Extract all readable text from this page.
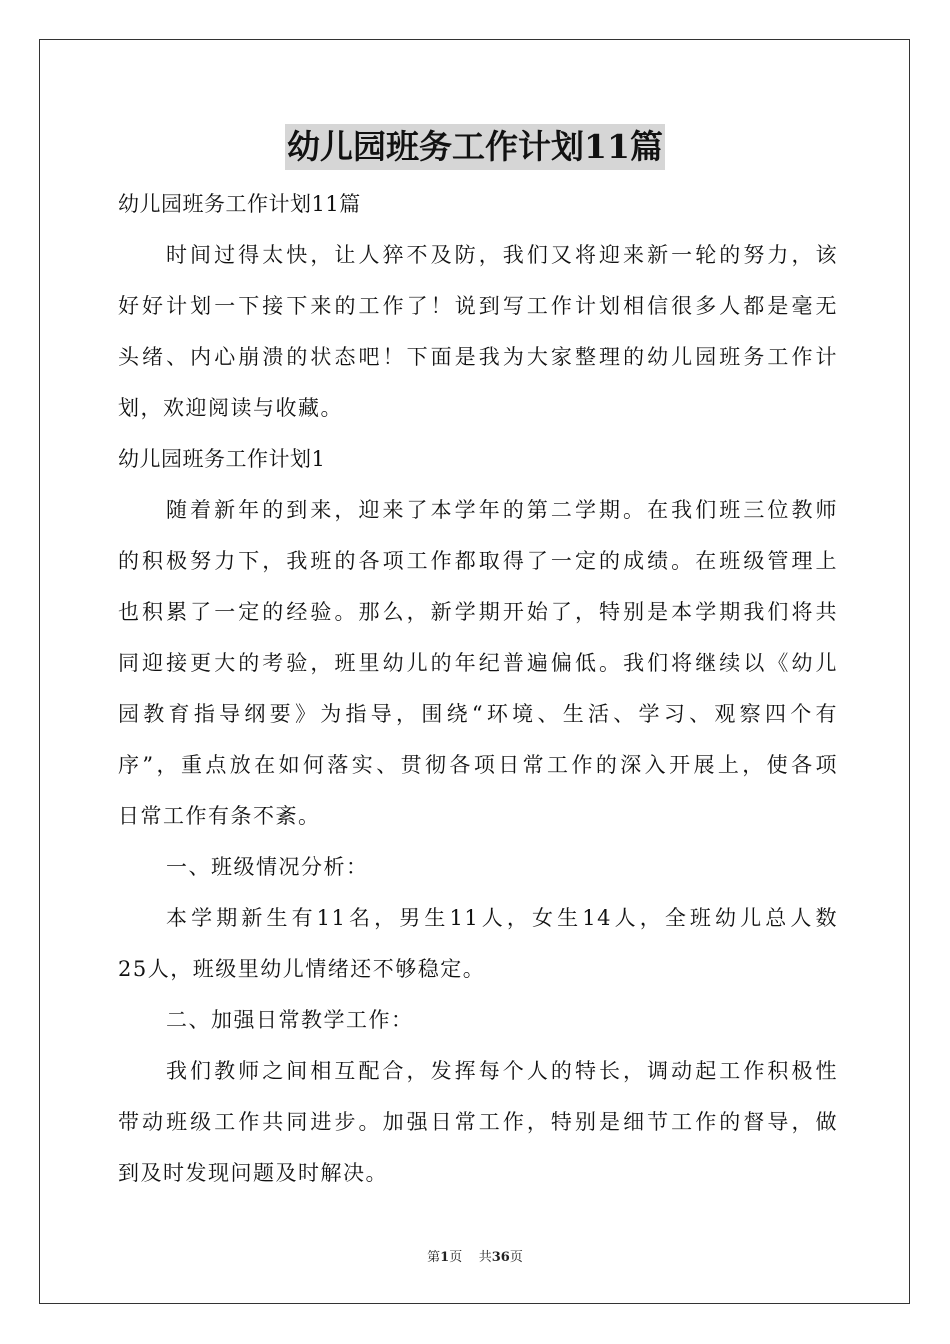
幼儿园班务工作计划11篇
幼儿园班务工作计划11篇
时间过得太快，让人猝不及防，我们又将迎来新一轮的努力，该
好好计划一下接下来的工作了！说到写工作计划相信很多人都是毫无
头绪、内心崩溃的状态吧！下面是我为大家整理的幼儿园班务工作计
划，欢迎阅读与收藏。
幼儿园班务工作计划1
随着新年的到来，迎来了本学年的第二学期。在我们班三位教师
的积极努力下，我班的各项工作都取得了一定的成绩。在班级管理上
也积累了一定的经验。那么，新学期开始了，特别是本学期我们将共
同迎接更大的考验，班里幼儿的年纪普遍偏低。我们将继续以《幼儿
园教育指导纲要》为指导，围绕“环境、生活、学习、观察四个有
序”，重点放在如何落实、贯彻各项日常工作的深入开展上，使各项
日常工作有条不紊。
一、班级情况分析：
本学期新生有11名，男生11人，女生14人，全班幼儿总人数
25人，班级里幼儿情绪还不够稳定。
二、加强日常教学工作：
我们教师之间相互配合，发挥每个人的特长，调动起工作积极性
带动班级工作共同进步。加强日常工作，特别是细节工作的督导，做
到及时发现问题及时解决。
第1页 共36页
